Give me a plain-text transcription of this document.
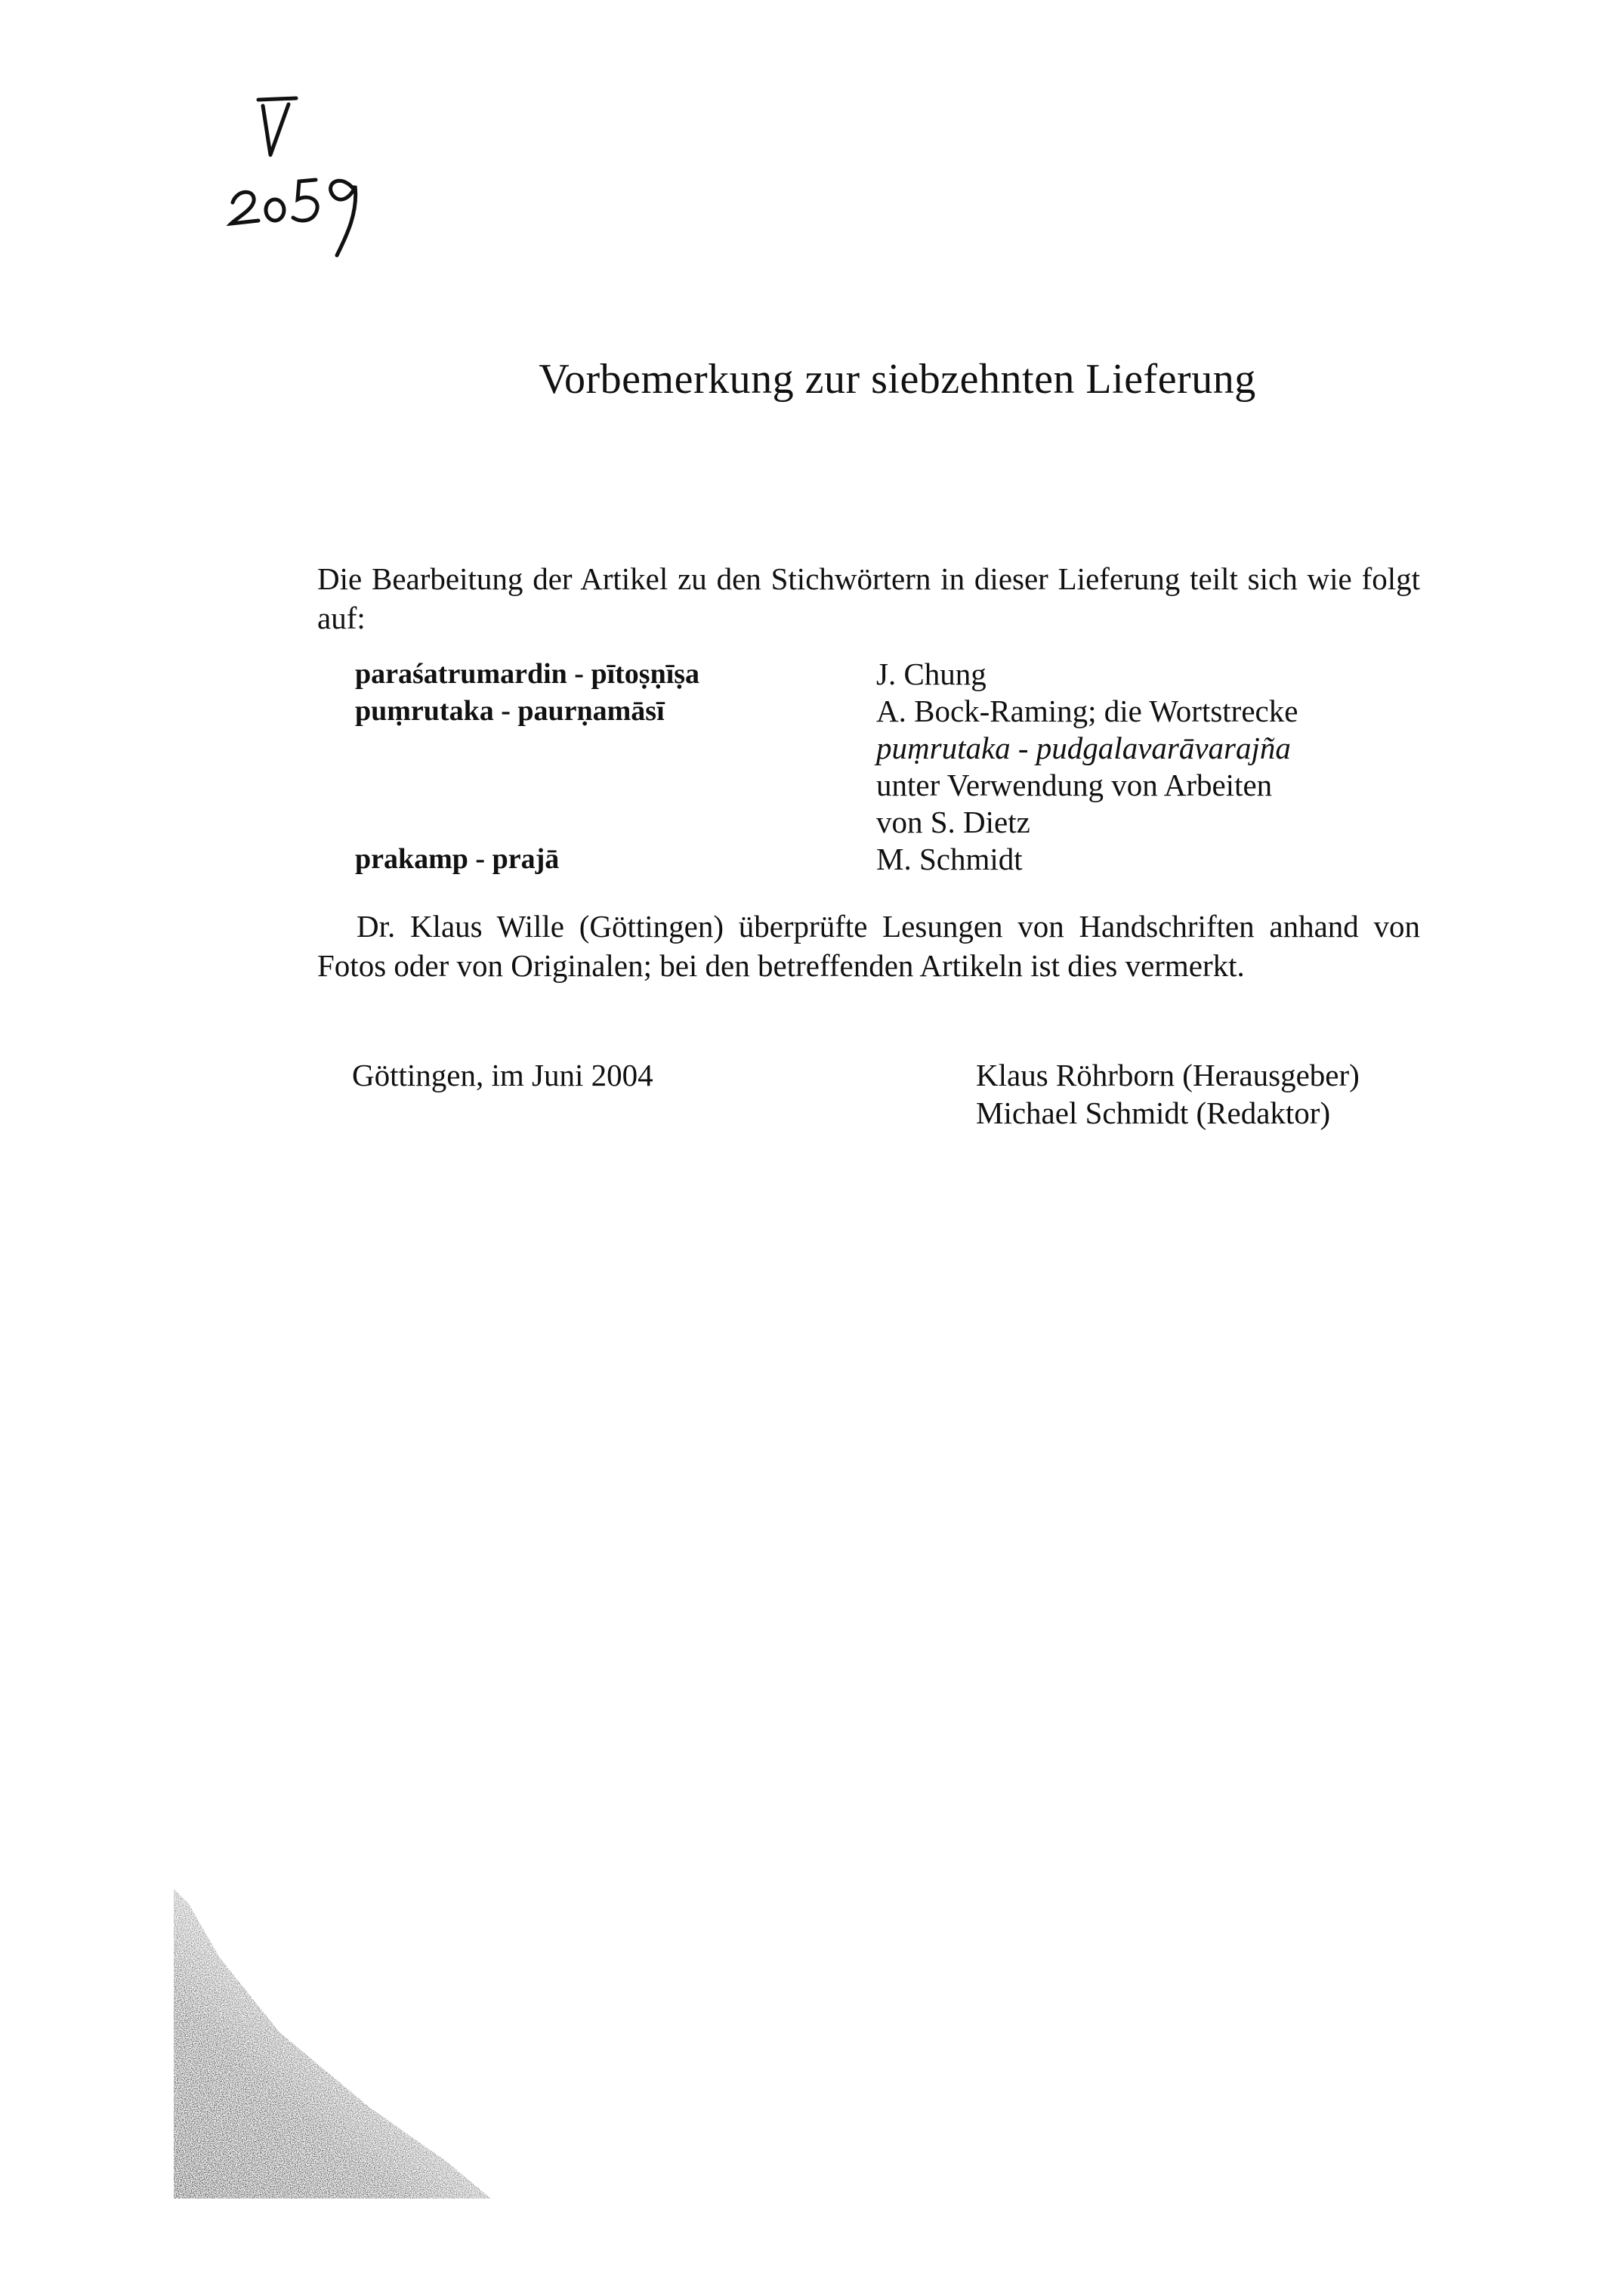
Vorbemerkung zur siebzehnten Lieferung

Die Bearbeitung der Artikel zu den Stichwörtern in dieser Lieferung teilt sich wie folgt auf:

paraśatrumardin - pītoṣṇīṣa	J. Chung
puṃrutaka - paurṇamāsī	A. Bock-Raming; die Wortstrecke
puṃrutaka - pudgalavarāvarajña
unter Verwendung von Arbeiten
von S. Dietz
prakamp - prajā	M. Schmidt

Dr. Klaus Wille (Göttingen) überprüfte Lesungen von Handschriften anhand von Fotos oder von Originalen; bei den betreffenden Artikeln ist dies vermerkt.

Göttingen, im Juni 2004	Klaus Röhrborn (Herausgeber)
Michael Schmidt (Redaktor)
